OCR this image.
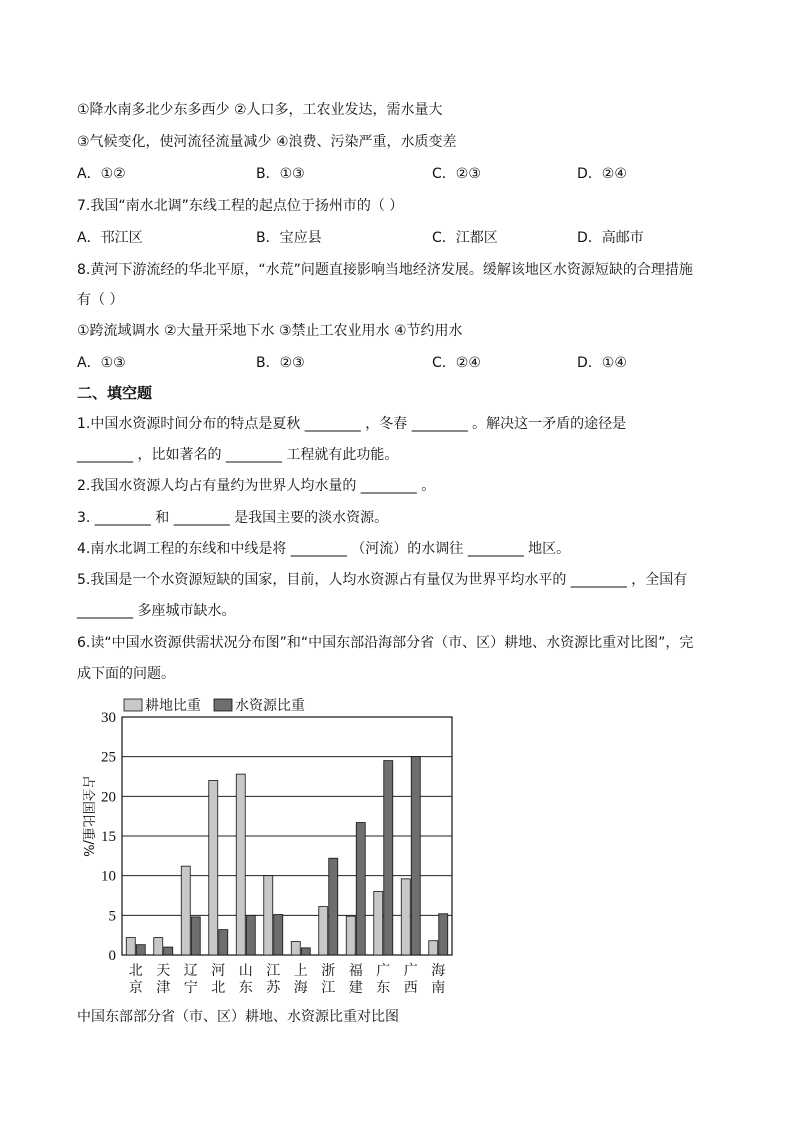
①降水南多北少东多西少 ②人口多，工农业发达，需水量大
③气候变化，使河流径流量减少 ④浪费、污染严重，水质变差
A．①②	B．①③	C．②③	D．②④
7.我国“南水北调”东线工程的起点位于扬州市的（ ）
A．邗江区	B．宝应县	C．江都区	D．高邮市
8.黄河下游流经的华北平原，“水荒”问题直接影响当地经济发展。缓解该地区水资源短缺的合理措施
有（ ）
①跨流域调水 ②大量开采地下水 ③禁止工农业用水 ④节约用水
A．①③	B．②③	C．②④	D．①④
二、填空题
1.中国水资源时间分布的特点是夏秋 ________ ，冬春 ________ 。解决这一矛盾的途径是
________ ，比如著名的 ________ 工程就有此功能。
2.我国水资源人均占有量约为世界人均水量的 ________ 。
3. ________ 和 ________ 是我国主要的淡水资源。
4.南水北调工程的东线和中线是将 ________ （河流）的水调往 ________ 地区。
5.我国是一个水资源短缺的国家，目前，人均水资源占有量仅为世界平均水平的 ________ ，全国有
________ 多座城市缺水。
6.读“中国水资源供需状况分布图”和“中国东部沿海部分省（市、区）耕地、水资源比重对比图”，完
成下面的问题。
0
5
10
15
20
25
30
占全国比重/%
北
京
天
津
辽
宁
河
北
山
东
江
苏
上
海
浙
江
福
建
广
东
广
西
海
南
耕地比重 水资源比重
中国东部部分省（市、区）耕地、水资源比重对比图
